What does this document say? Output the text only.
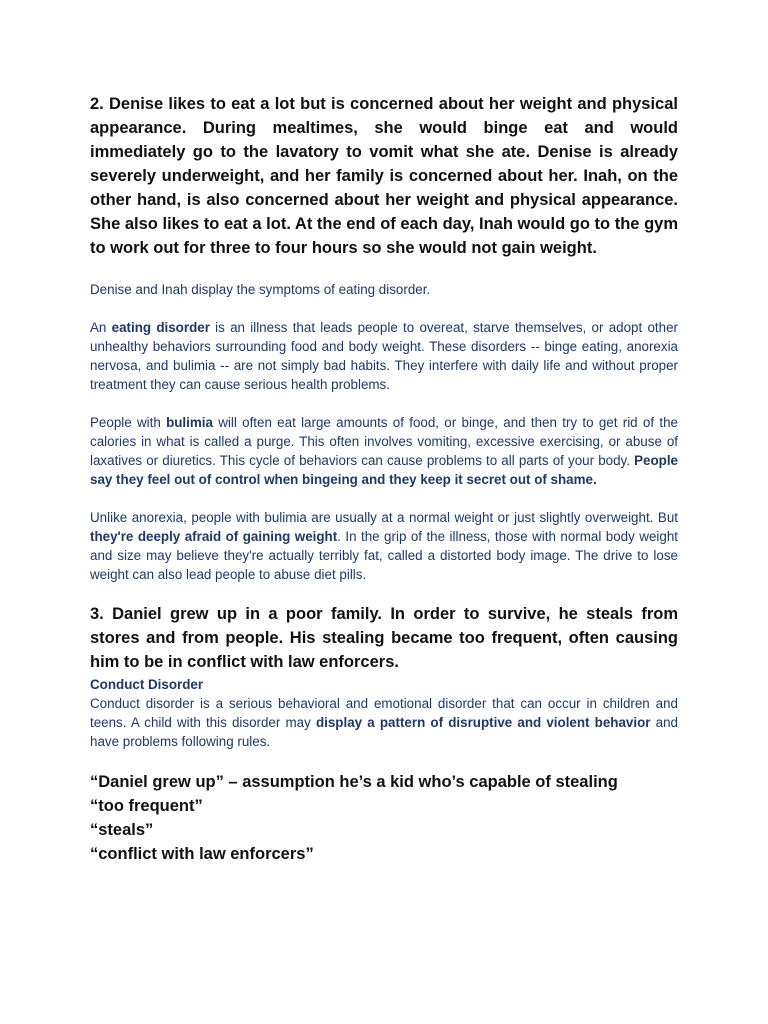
2. Denise likes to eat a lot but is concerned about her weight and physical appearance. During mealtimes, she would binge eat and would immediately go to the lavatory to vomit what she ate. Denise is already severely underweight, and her family is concerned about her. Inah, on the other hand, is also concerned about her weight and physical appearance. She also likes to eat a lot. At the end of each day, Inah would go to the gym to work out for three to four hours so she would not gain weight.

Denise and Inah display the symptoms of eating disorder.

An eating disorder is an illness that leads people to overeat, starve themselves, or adopt other unhealthy behaviors surrounding food and body weight. These disorders -- binge eating, anorexia nervosa, and bulimia -- are not simply bad habits. They interfere with daily life and without proper treatment they can cause serious health problems.

People with bulimia will often eat large amounts of food, or binge, and then try to get rid of the calories in what is called a purge. This often involves vomiting, excessive exercising, or abuse of laxatives or diuretics. This cycle of behaviors can cause problems to all parts of your body. People say they feel out of control when bingeing and they keep it secret out of shame.

Unlike anorexia, people with bulimia are usually at a normal weight or just slightly overweight. But they're deeply afraid of gaining weight. In the grip of the illness, those with normal body weight and size may believe they're actually terribly fat, called a distorted body image. The drive to lose weight can also lead people to abuse diet pills.

3. Daniel grew up in a poor family. In order to survive, he steals from stores and from people. His stealing became too frequent, often causing him to be in conflict with law enforcers.

Conduct Disorder

Conduct disorder is a serious behavioral and emotional disorder that can occur in children and teens. A child with this disorder may display a pattern of disruptive and violent behavior and have problems following rules.

“Daniel grew up” – assumption he’s a kid who’s capable of stealing
“too frequent”
“steals”
“conflict with law enforcers”
